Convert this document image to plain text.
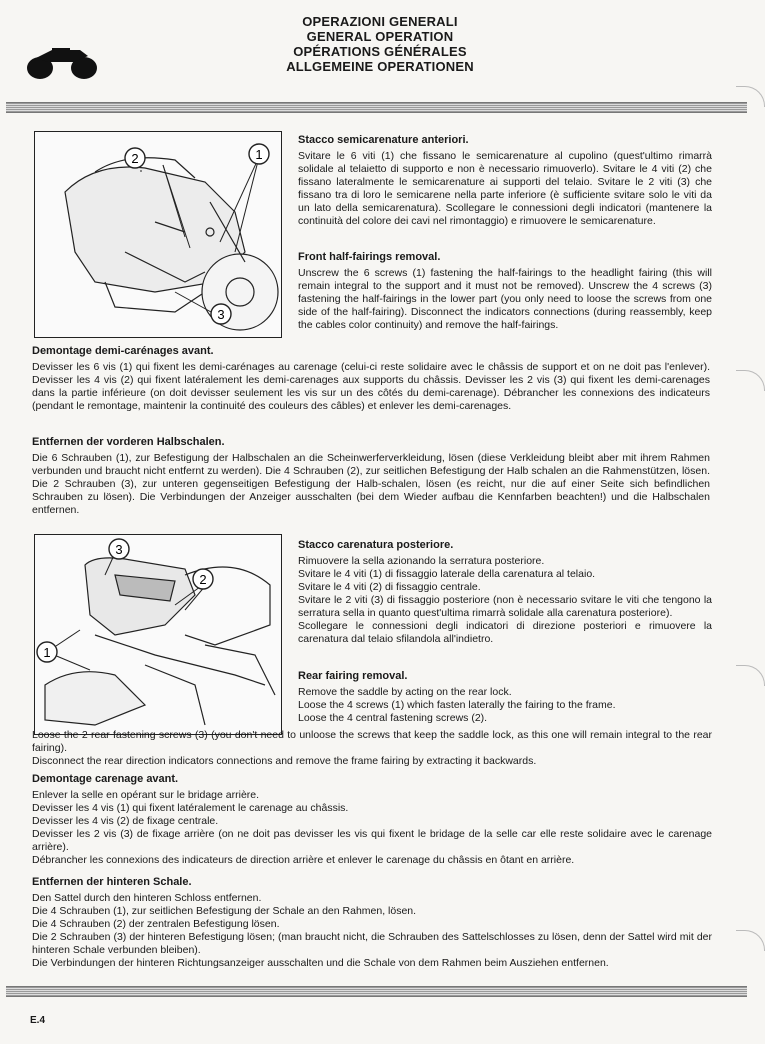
OPERAZIONI GENERALI
GENERAL OPERATION
OPÉRATIONS GÉNÉRALES
ALLGEMEINE OPERATIONEN
2	1
3
Stacco semicarenature anteriori.

Svitare le 6 viti (1) che fissano le semicarenature al cupolino (quest'ultimo rimarrà solidale al telaietto di supporto e non è necessario rimuoverlo). Svitare le 4 viti (2) che fissano lateralmente le semicarenature ai supporti del telaio. Svitare le 2 viti (3) che fissano tra di loro le semicarene nella parte inferiore (è sufficiente svitare solo le viti da un lato della semicarenatura). Scollegare le connessioni degli indicatori (mantenere la continuità del colore dei cavi nel rimontaggio) e rimuovere le semicarenature.

Front half-fairings removal.

Unscrew the 6 screws (1) fastening the half-fairings to the headlight fairing (this will remain integral to the support and it must not be removed). Unscrew the 4 screws (3) fastening the half-fairings in the lower part (you only need to loose the screws from one side of the half-fairing). Disconnect the indicators connections (during reassembly, keep the cables color continuity) and remove the half-fairings.

Demontage demi-carénages avant.

Devisser les 6 vis (1) qui fixent les demi-carénages au carenage (celui-ci reste solidaire avec le châssis de support et on ne doit pas l'enlever). Devisser les 4 vis (2) qui fixent latéralement les demi-carenages aux supports du châssis. Devisser les 2 vis (3) qui fixent les demi-carenages dans la partie inférieure (on doit devisser seulement les vis sur un des côtés du demi-carenage). Débrancher les connexions des indicateurs (pendant le remontage, maintenir la continuité des couleurs des câbles) et enlever les demi-carenages.

Entfernen der vorderen Halbschalen.

Die 6 Schrauben (1), zur Befestigung der Halbschalen an die Scheinwerferverkleidung, lösen (diese Verkleidung bleibt aber mit ihrem Rahmen verbunden und braucht nicht entfernt zu werden). Die 4 Schrauben (2), zur seitlichen Befestigung der Halb schalen an die Rahmenstützen, lösen. Die 2 Schrauben (3), zur unteren gegenseitigen Befestigung der Halb-schalen, lösen (es reicht, nur die auf einer Seite sich befindlichen Schrauben zu lösen). Die Verbindungen der Anzeiger ausschalten (bei dem Wieder aufbau die Kennfarben beachten!) und die Halbschalen entfernen.

3
2
1
Stacco carenatura posteriore.

Rimuovere la sella azionando la serratura posteriore.

Svitare le 4 viti (1) di fissaggio laterale della carenatura al telaio.

Svitare le 4 viti (2) di fissaggio centrale.

Svitare le 2 viti (3) di fissaggio posteriore (non è necessario svitare le viti che tengono la serratura sella in quanto quest'ultima rimarrà solidale alla carenatura posteriore).

Scollegare le connessioni degli indicatori di direzione posteriori e rimuovere la carenatura dal telaio sfilandola all'indietro.

Rear fairing removal.

Remove the saddle by acting on the rear lock.

Loose the 4 screws (1) which fasten laterally the fairing to the frame.

Loose the 4 central fastening screws (2).

Loose the 2 rear fastening screws (3) (you don't need to unloose the screws that keep the saddle lock, as this one will remain integral to the rear fairing).

Disconnect the rear direction indicators connections and remove the frame fairing by extracting it backwards.

Demontage carenage avant.

Enlever la selle en opérant sur le bridage arrière.

Devisser les 4 vis (1) qui fixent latéralement le carenage au châssis.

Devisser les 4 vis (2) de fixage centrale.

Devisser les 2 vis (3) de fixage arrière (on ne doit pas devisser les vis qui fixent le bridage de la selle car elle reste solidaire avec le carenage arrière).

Débrancher les connexions des indicateurs de direction arrière et enlever le carenage du châssis en ôtant en arrière.

Entfernen der hinteren Schale.

Den Sattel durch den hinteren Schloss entfernen.

Die 4 Schrauben (1), zur seitlichen Befestigung der Schale an den Rahmen, lösen.

Die 4 Schrauben (2) der zentralen Befestigung lösen.

Die 2 Schrauben (3) der hinteren Befestigung lösen; (man braucht nicht, die Schrauben des Sattelschlosses zu lösen, denn der Sattel wird mit der hinteren Schale verbunden bleiben).

Die Verbindungen der hinteren Richtungsanzeiger ausschalten und die Schale von dem Rahmen beim Ausziehen entfernen.

E.4
